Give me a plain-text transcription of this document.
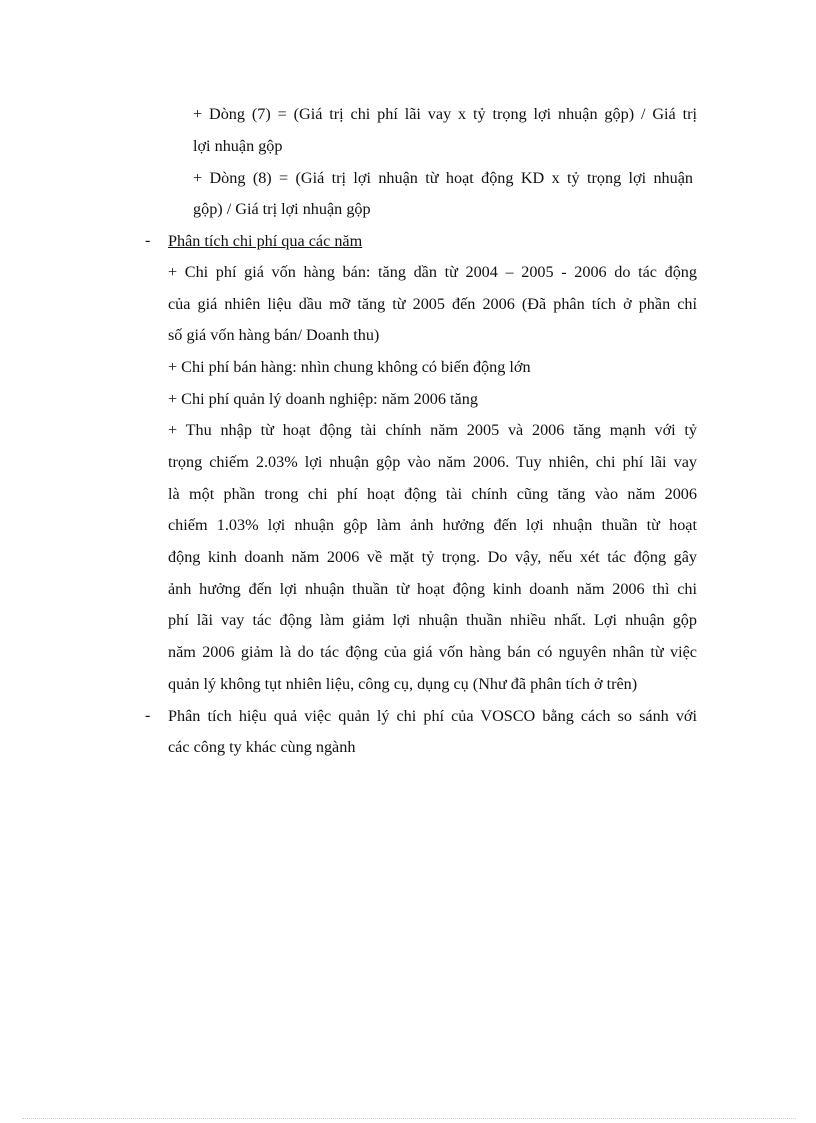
+ Dòng (7) = (Giá trị chi phí lãi vay x tỷ trọng lợi nhuận gộp) / Giá trị
lợi nhuận gộp
+ Dòng (8) = (Giá trị lợi nhuận từ hoạt động KD x tỷ trọng lợi nhuận
gộp) / Giá trị lợi nhuận gộp
- Phân tích chi phí qua các năm
+ Chi phí giá vốn hàng bán: tăng dần từ 2004 – 2005 - 2006 do tác động
của giá nhiên liệu dầu mỡ tăng từ 2005 đến 2006 (Đã phân tích ở phần chỉ
số giá vốn hàng bán/ Doanh thu)
+ Chi phí bán hàng: nhìn chung không có biến động lớn
+ Chi phí quản lý doanh nghiệp: năm 2006 tăng
+ Thu nhập từ hoạt động tài chính năm 2005 và 2006 tăng mạnh với tỷ
trọng chiếm 2.03% lợi nhuận gộp vào năm 2006. Tuy nhiên, chi phí lãi vay
là một phần trong chi phí hoạt động tài chính cũng tăng vào năm 2006
chiếm 1.03% lợi nhuận gộp làm ảnh hưởng đến lợi nhuận thuần từ hoạt
động kinh doanh năm 2006 về mặt tỷ trọng. Do vậy, nếu xét tác động gây
ảnh hưởng đến lợi nhuận thuần từ hoạt động kinh doanh năm 2006 thì chi
phí lãi vay tác động làm giảm lợi nhuận thuần nhiều nhất. Lợi nhuận gộp
năm 2006 giảm là do tác động của giá vốn hàng bán có nguyên nhân từ việc
quản lý không tụt nhiên liệu, công cụ, dụng cụ (Như đã phân tích ở trên)
- Phân tích hiệu quả việc quản lý chi phí của VOSCO bằng cách so sánh với
các công ty khác cùng ngành
